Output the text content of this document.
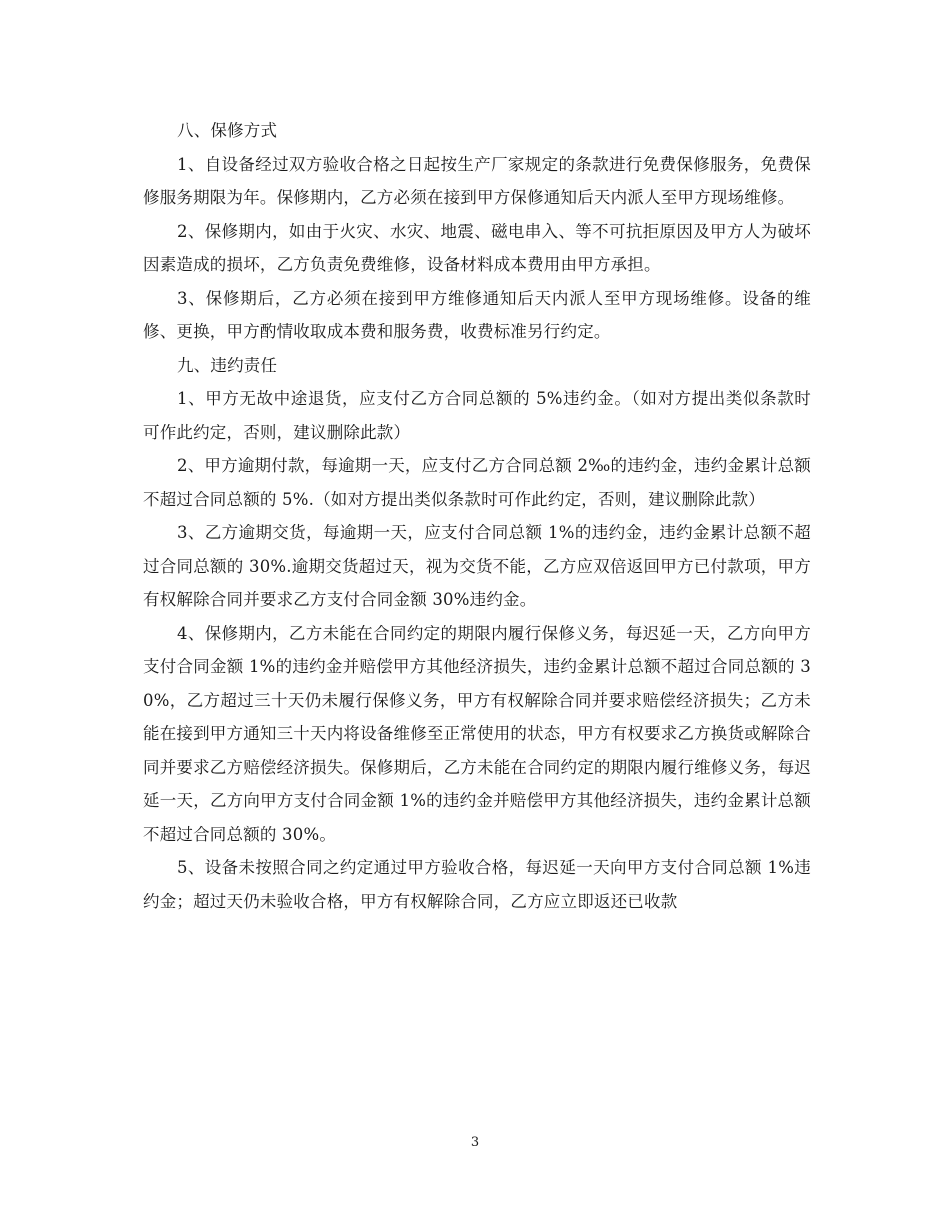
八、保修方式

1、自设备经过双方验收合格之日起按生产厂家规定的条款进行免费保修服务，免费保修服务期限为年。保修期内，乙方必须在接到甲方保修通知后天内派人至甲方现场维修。

2、保修期内，如由于火灾、水灾、地震、磁电串入、等不可抗拒原因及甲方人为破坏因素造成的损坏，乙方负责免费维修，设备材料成本费用由甲方承担。

3、保修期后，乙方必须在接到甲方维修通知后天内派人至甲方现场维修。设备的维修、更换，甲方酌情收取成本费和服务费，收费标准另行约定。

九、违约责任

1、甲方无故中途退货，应支付乙方合同总额的 5%违约金。（如对方提出类似条款时可作此约定，否则，建议删除此款）

2、甲方逾期付款，每逾期一天，应支付乙方合同总额 2‰的违约金，违约金累计总额不超过合同总额的 5%.（如对方提出类似条款时可作此约定，否则，建议删除此款）

3、乙方逾期交货，每逾期一天，应支付合同总额 1%的违约金，违约金累计总额不超过合同总额的 30%.逾期交货超过天，视为交货不能，乙方应双倍返回甲方已付款项，甲方有权解除合同并要求乙方支付合同金额 30%违约金。

4、保修期内，乙方未能在合同约定的期限内履行保修义务，每迟延一天，乙方向甲方支付合同金额 1%的违约金并赔偿甲方其他经济损失，违约金累计总额不超过合同总额的 30%，乙方超过三十天仍未履行保修义务，甲方有权解除合同并要求赔偿经济损失；乙方未能在接到甲方通知三十天内将设备维修至正常使用的状态，甲方有权要求乙方换货或解除合同并要求乙方赔偿经济损失。保修期后，乙方未能在合同约定的期限内履行维修义务，每迟延一天，乙方向甲方支付合同金额 1%的违约金并赔偿甲方其他经济损失，违约金累计总额不超过合同总额的 30%。

5、设备未按照合同之约定通过甲方验收合格，每迟延一天向甲方支付合同总额 1%违约金；超过天仍未验收合格，甲方有权解除合同，乙方应立即返还已收款

3
